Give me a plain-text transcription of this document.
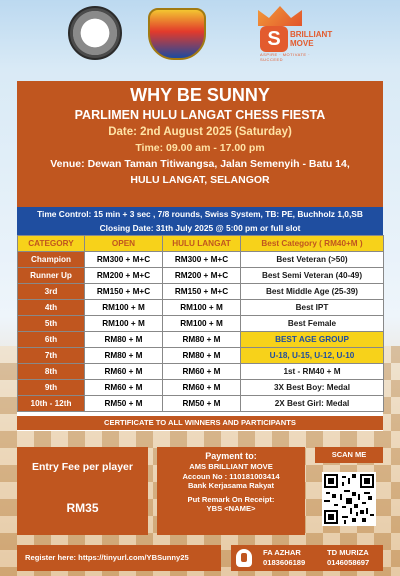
S	BRILLIANT
MOVE
ASPIRE · MOTIVATE · SUCCEED
WHY BE SUNNY
PARLIMEN HULU LANGAT CHESS FIESTA
Date: 2nd August 2025 (Saturday)
Time: 09.00 am - 17.00 pm
Venue: Dewan Taman Titiwangsa, Jalan Semenyih - Batu 14,
HULU LANGAT, SELANGOR
Time Control: 15 min + 3 sec , 7/8 rounds, Swiss System, TB: PE, Buchholz 1,0,SB
Closing Date: 31th July 2025 @ 5:00 pm or full slot
CATEGORY	OPEN	HULU LANGAT	Best Category ( RM40+M )
Champion	RM300 + M+C	RM300 + M+C	Best Veteran (>50)
Runner Up	RM200 + M+C	RM200 + M+C	Best Semi Veteran (40-49)
3rd	RM150 + M+C	RM150 + M+C	Best Middle Age (25-39)
4th	RM100 + M	RM100 + M	Best IPT
5th	RM100 + M	RM100 + M	Best Female
6th	RM80 + M	RM80 + M	BEST AGE GROUP
7th	RM80 + M	RM80 + M	U-18, U-15, U-12, U-10
8th	RM60 + M	RM60 + M	1st - RM40 + M
9th	RM60 + M	RM60 + M	3X Best Boy: Medal
10th - 12th	RM50 + M	RM50 + M	2X Best Girl: Medal
CERTIFICATE TO ALL WINNERS AND PARTICIPANTS
Entry Fee per player
RM35
Payment to:
AMS BRILLIANT MOVE
Accoun No : 110181003414
Bank Kerjasama Rakyat
Put Remark On Receipt:
YBS <NAME>
SCAN ME
Register here: https://tinyurl.com/YBSunny25
FA AZHAR
0183606189
TD MURIZA
0146058697
